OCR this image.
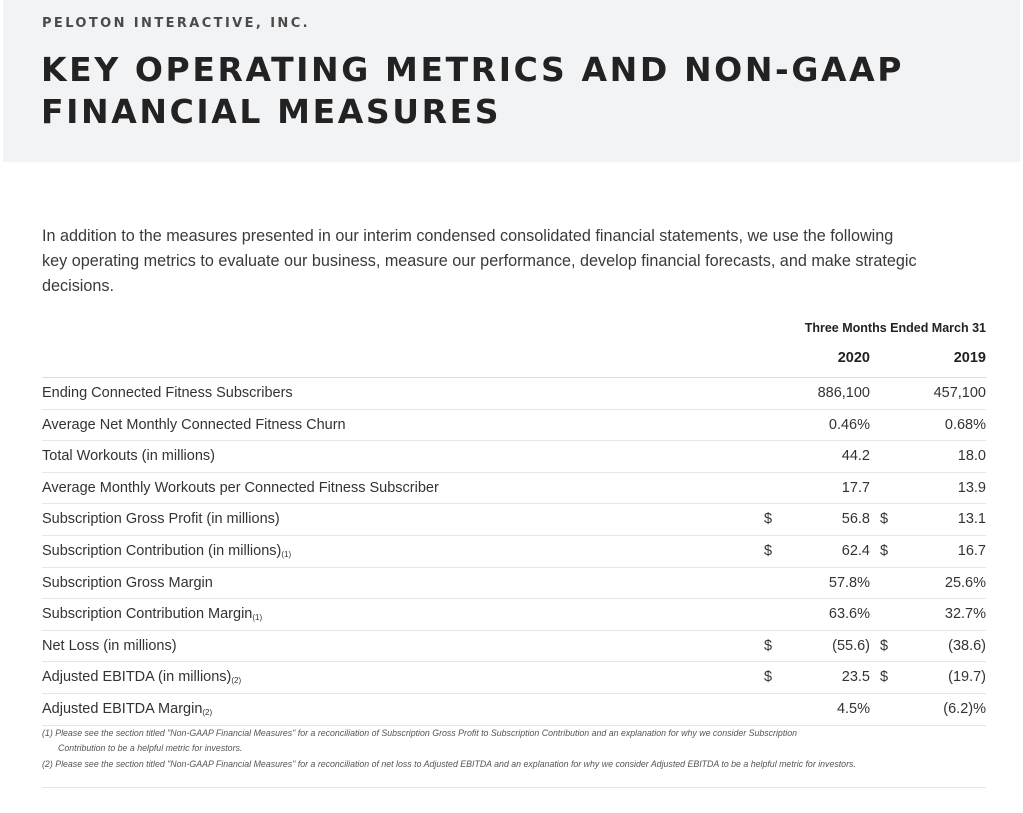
PELOTON INTERACTIVE, INC.
KEY OPERATING METRICS AND NON-GAAP FINANCIAL MEASURES

In addition to the measures presented in our interim condensed consolidated financial statements, we use the following key operating metrics to evaluate our business, measure our performance, develop financial forecasts, and make strategic decisions.

Three Months Ended March 31
2020	2019
Ending Connected Fitness Subscribers	886,100	457,100
Average Net Monthly Connected Fitness Churn	0.46%	0.68%
Total Workouts (in millions)	44.2	18.0
Average Monthly Workouts per Connected Fitness Subscriber	17.7	13.9
Subscription Gross Profit (in millions)	$	56.8 $	13.1
Subscription Contribution (in millions)(1)	$	62.4 $	16.7
Subscription Gross Margin	57.8%	25.6%
Subscription Contribution Margin(1)	63.6%	32.7%
Net Loss (in millions)	$	(55.6) $	(38.6)
Adjusted EBITDA (in millions)(2)	$	23.5 $	(19.7)
Adjusted EBITDA Margin(2)	4.5%	(6.2)%
(1) Please see the section titled "Non-GAAP Financial Measures" for a reconciliation of Subscription Gross Profit to Subscription Contribution and an explanation for why we consider Subscription
Contribution to be a helpful metric for investors.
(2) Please see the section titled "Non-GAAP Financial Measures" for a reconciliation of net loss to Adjusted EBITDA and an explanation for why we consider Adjusted EBITDA to be a helpful metric for investors.
